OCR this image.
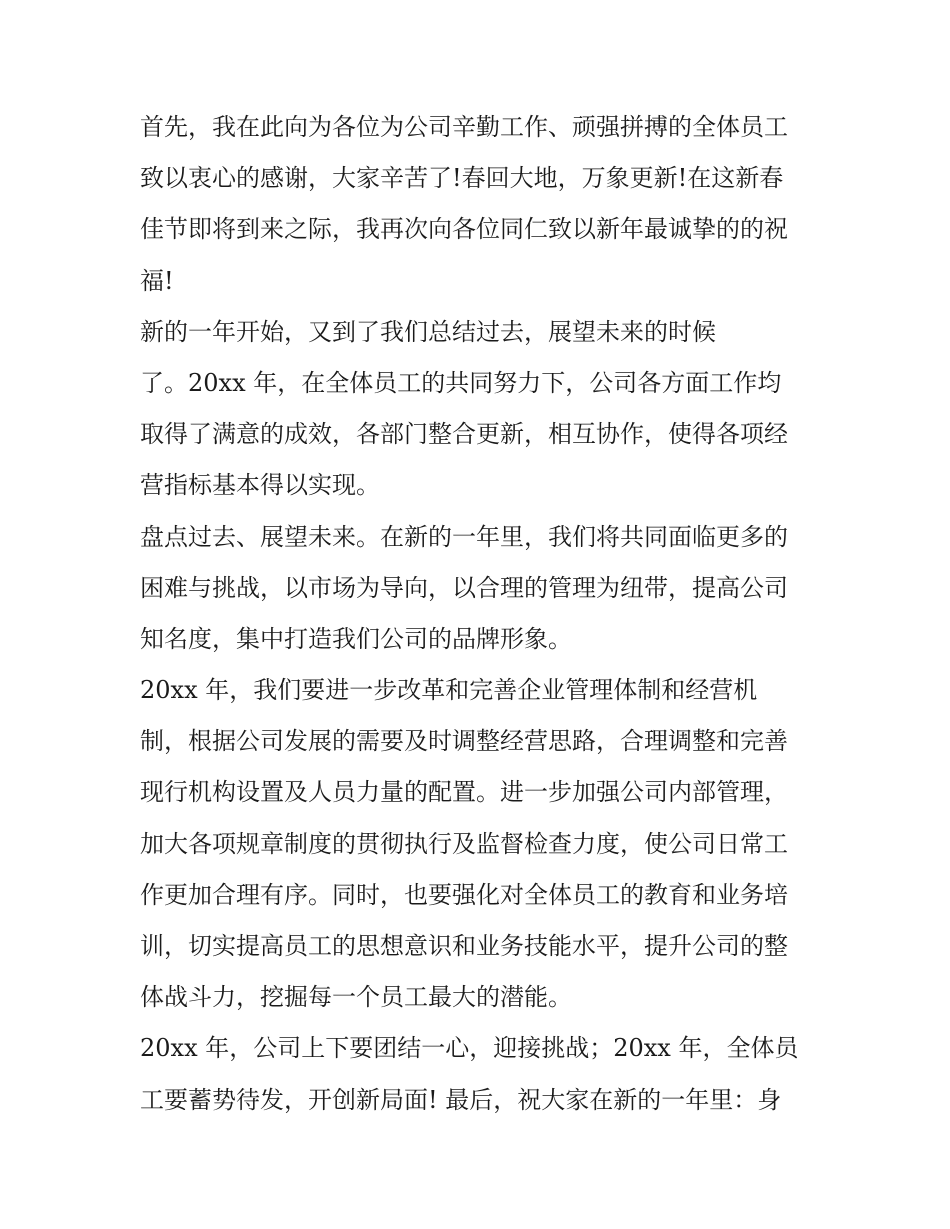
首先，我在此向为各位为公司辛勤工作、顽强拼搏的全体员工
致以衷心的感谢，大家辛苦了!春回大地，万象更新!在这新春
佳节即将到来之际，我再次向各位同仁致以新年最诚挚的的祝
福!
新的一年开始，又到了我们总结过去，展望未来的时候
了。20xx 年，在全体员工的共同努力下，公司各方面工作均
取得了满意的成效，各部门整合更新，相互协作，使得各项经
营指标基本得以实现。
盘点过去、展望未来。在新的一年里，我们将共同面临更多的
困难与挑战，以市场为导向，以合理的管理为纽带，提高公司
知名度，集中打造我们公司的品牌形象。
20xx 年，我们要进一步改革和完善企业管理体制和经营机
制，根据公司发展的需要及时调整经营思路，合理调整和完善
现行机构设置及人员力量的配置。进一步加强公司内部管理，
加大各项规章制度的贯彻执行及监督检查力度，使公司日常工
作更加合理有序。同时，也要强化对全体员工的教育和业务培
训，切实提高员工的思想意识和业务技能水平，提升公司的整
体战斗力，挖掘每一个员工最大的潜能。
20xx 年，公司上下要团结一心，迎接挑战；20xx 年，全体员
工要蓄势待发，开创新局面! 最后，祝大家在新的一年里：身
